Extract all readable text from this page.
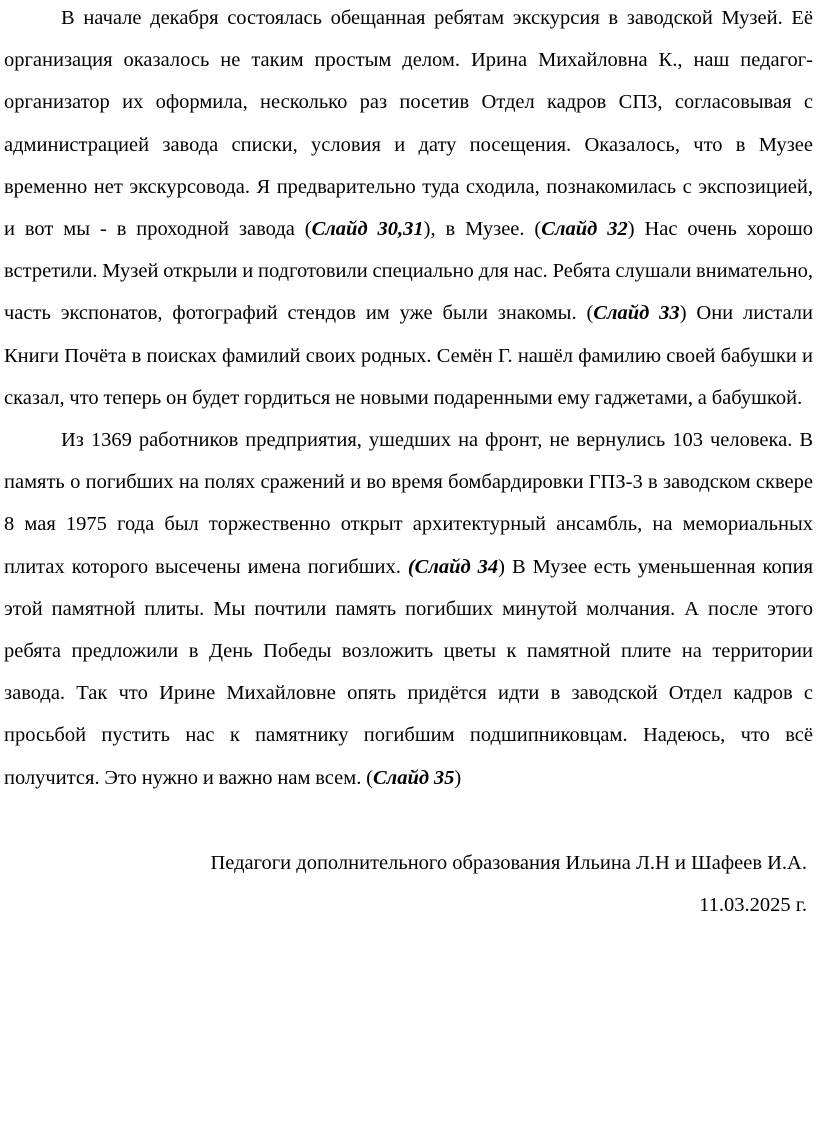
В начале декабря состоялась обещанная ребятам экскурсия в заводской Музей. Её организация оказалось не таким простым делом. Ирина Михайловна К., наш педагог-организатор их оформила, несколько раз посетив Отдел кадров СПЗ, согласовывая с администрацией завода списки, условия и дату посещения. Оказалось, что в Музее временно нет экскурсовода. Я предварительно туда сходила, познакомилась с экспозицией, и вот мы - в проходной завода (Слайд 30,31), в Музее. (Слайд 32) Нас очень хорошо встретили. Музей открыли и подготовили специально для нас. Ребята слушали внимательно, часть экспонатов, фотографий стендов им уже были знакомы. (Слайд 33) Они листали Книги Почёта в поисках фамилий своих родных. Семён Г. нашёл фамилию своей бабушки и сказал, что теперь он будет гордиться не новыми подаренными ему гаджетами, а бабушкой.

Из 1369 работников предприятия, ушедших на фронт, не вернулись 103 человека. В память о погибших на полях сражений и во время бомбардировки ГПЗ-3 в заводском сквере 8 мая 1975 года был торжественно открыт архитектурный ансамбль, на мемориальных плитах которого высечены имена погибших. (Слайд 34) В Музее есть уменьшенная копия этой памятной плиты. Мы почтили память погибших минутой молчания. А после этого ребята предложили в День Победы возложить цветы к памятной плите на территории завода. Так что Ирине Михайловне опять придётся идти в заводской Отдел кадров с просьбой пустить нас к памятнику погибшим подшипниковцам. Надеюсь, что всё получится. Это нужно и важно нам всем. (Слайд 35)

Педагоги дополнительного образования Ильина Л.Н и Шафеев И.А.

11.03.2025 г.
